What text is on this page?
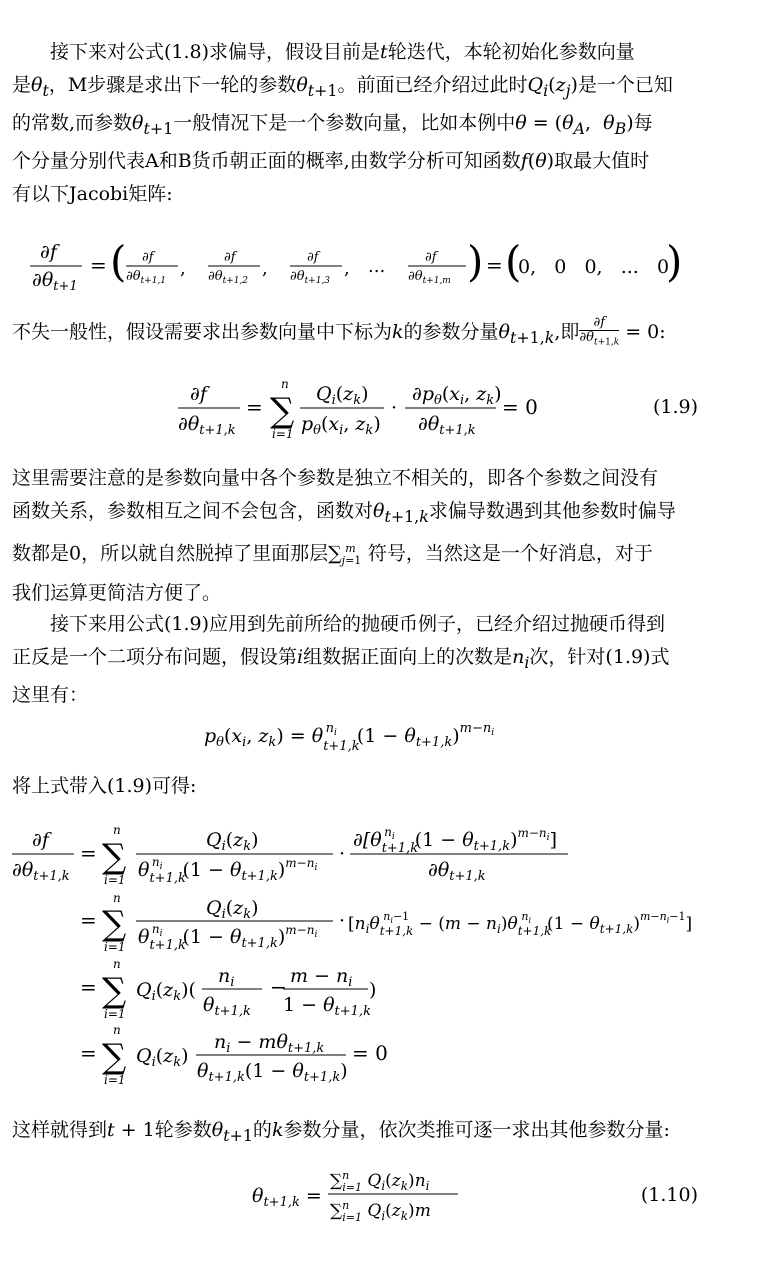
接下来对公式(1.8)求偏导，假设目前是t轮迭代，本轮初始化参数向量
是$\theta_t$，M步骤是求出下一轮的参数$\theta_{t+1}$。前面已经介绍过此时$Q_i(z_j)$是一个已知
的常数,而参数$\theta_{t+1}$一般情况下是一个参数向量，比如本例中$\theta = (\theta_A$,  $\theta_B$)每
个分量分别代表A和B货币朝正面的概率,由数学分析可知函数f(θ)取最大值时
有以下Jacobi矩阵:
∂f
$\partial\theta_{t+1}$
= ( ∂f
$\partial\theta_{t+1,1}$
,
∂f
$\partial\theta_{t+1,2}$
,
∂f
$\partial\theta_{t+1,3}$
, ...	∂f
$\partial\theta_{t+1,m}$ ) = (
0,   0   0,   ...   0
)
不失一般性，假设需要求出参数向量中下标为k的参数分量$\theta_{t+1,k}$,即 $\frac{\partial f}{\partial\theta_{t+1,k}} = 0$:
∂f
$\partial\theta_{t+1,k}$
=
n
∑
i=1
$Q_i(z_k)$
$p_\theta(x_i$, $z_k$)
·
$\partial p_\theta(x_i$, $z_k$)
$\partial\theta_{t+1,k}$
= 0	(1.9)
这里需要注意的是参数向量中各个参数是独立不相关的，即各个参数之间没有
函数关系，参数相互之间不会包含，函数对$\theta_{t+1,k}$求偏导数遇到其他参数时偏导
数都是0，所以就自然脱掉了里面那层$\sum_{j=1}^m$  符号，当然这是一个好消息，对于
我们运算更简洁方便了。
接下来用公式(1.9)应用到先前所给的抛硬币例子，已经介绍过抛硬币得到
正反是一个二项分布问题，假设第i组数据正面向上的次数是$n_i$次，针对(1.9)式
这里有：
$p_\theta(x_i$, $z_k) = \theta_{t+1,k}ni$ $(1 - \theta_{t+1,k})^{m-n}i$
将上式带入(1.9)可得:
∂f
$\partial\theta_{t+1,k}$
=
n
∑
i=1
$Q_i(z_k)$
$\theta_{t+1,k}ni$ $(1 - \theta_{t+1,k})^{m-n}i$
·
$\partial[\theta_{t+1,k}ni$ $(1 - \theta_{t+1,k})^{m-n}i$]
$\partial\theta_{t+1,k}$
=
n
∑
i=1
$Q_i(z_k)$
$\theta_{t+1,k}ni$ $(1 - \theta_{t+1,k})^{m-n}i$
· [$n_i\theta_{t+1,k}ni-1 - (m - n_i)\theta_{t+1,k}ni$ $(1 - \theta_{t+1,k})^{m-n}i-1$]
=
n
∑
i=1
$Q_i(z_k)$(
$n_i$
$\theta_{t+1,k}$
− $m - n_i$
$1 - \theta_{t+1,k}$
)
=
n
∑
i=1
$Q_i(z_k)$
$n_i - m\theta_{t+1,k}$
$\theta_{t+1,k}(1 - \theta_{t+1,k})$
= 0
这样就得到t + 1轮参数$\theta_{t+1}$的k参数分量，依次类推可逐一求出其他参数分量:
$\theta_{t+1,k}$ =
∑$^n$ i=1 $Q_i(z_k)n_i$
∑$^n$ i=1 $Q_i(z_k)m$
(1.10)
